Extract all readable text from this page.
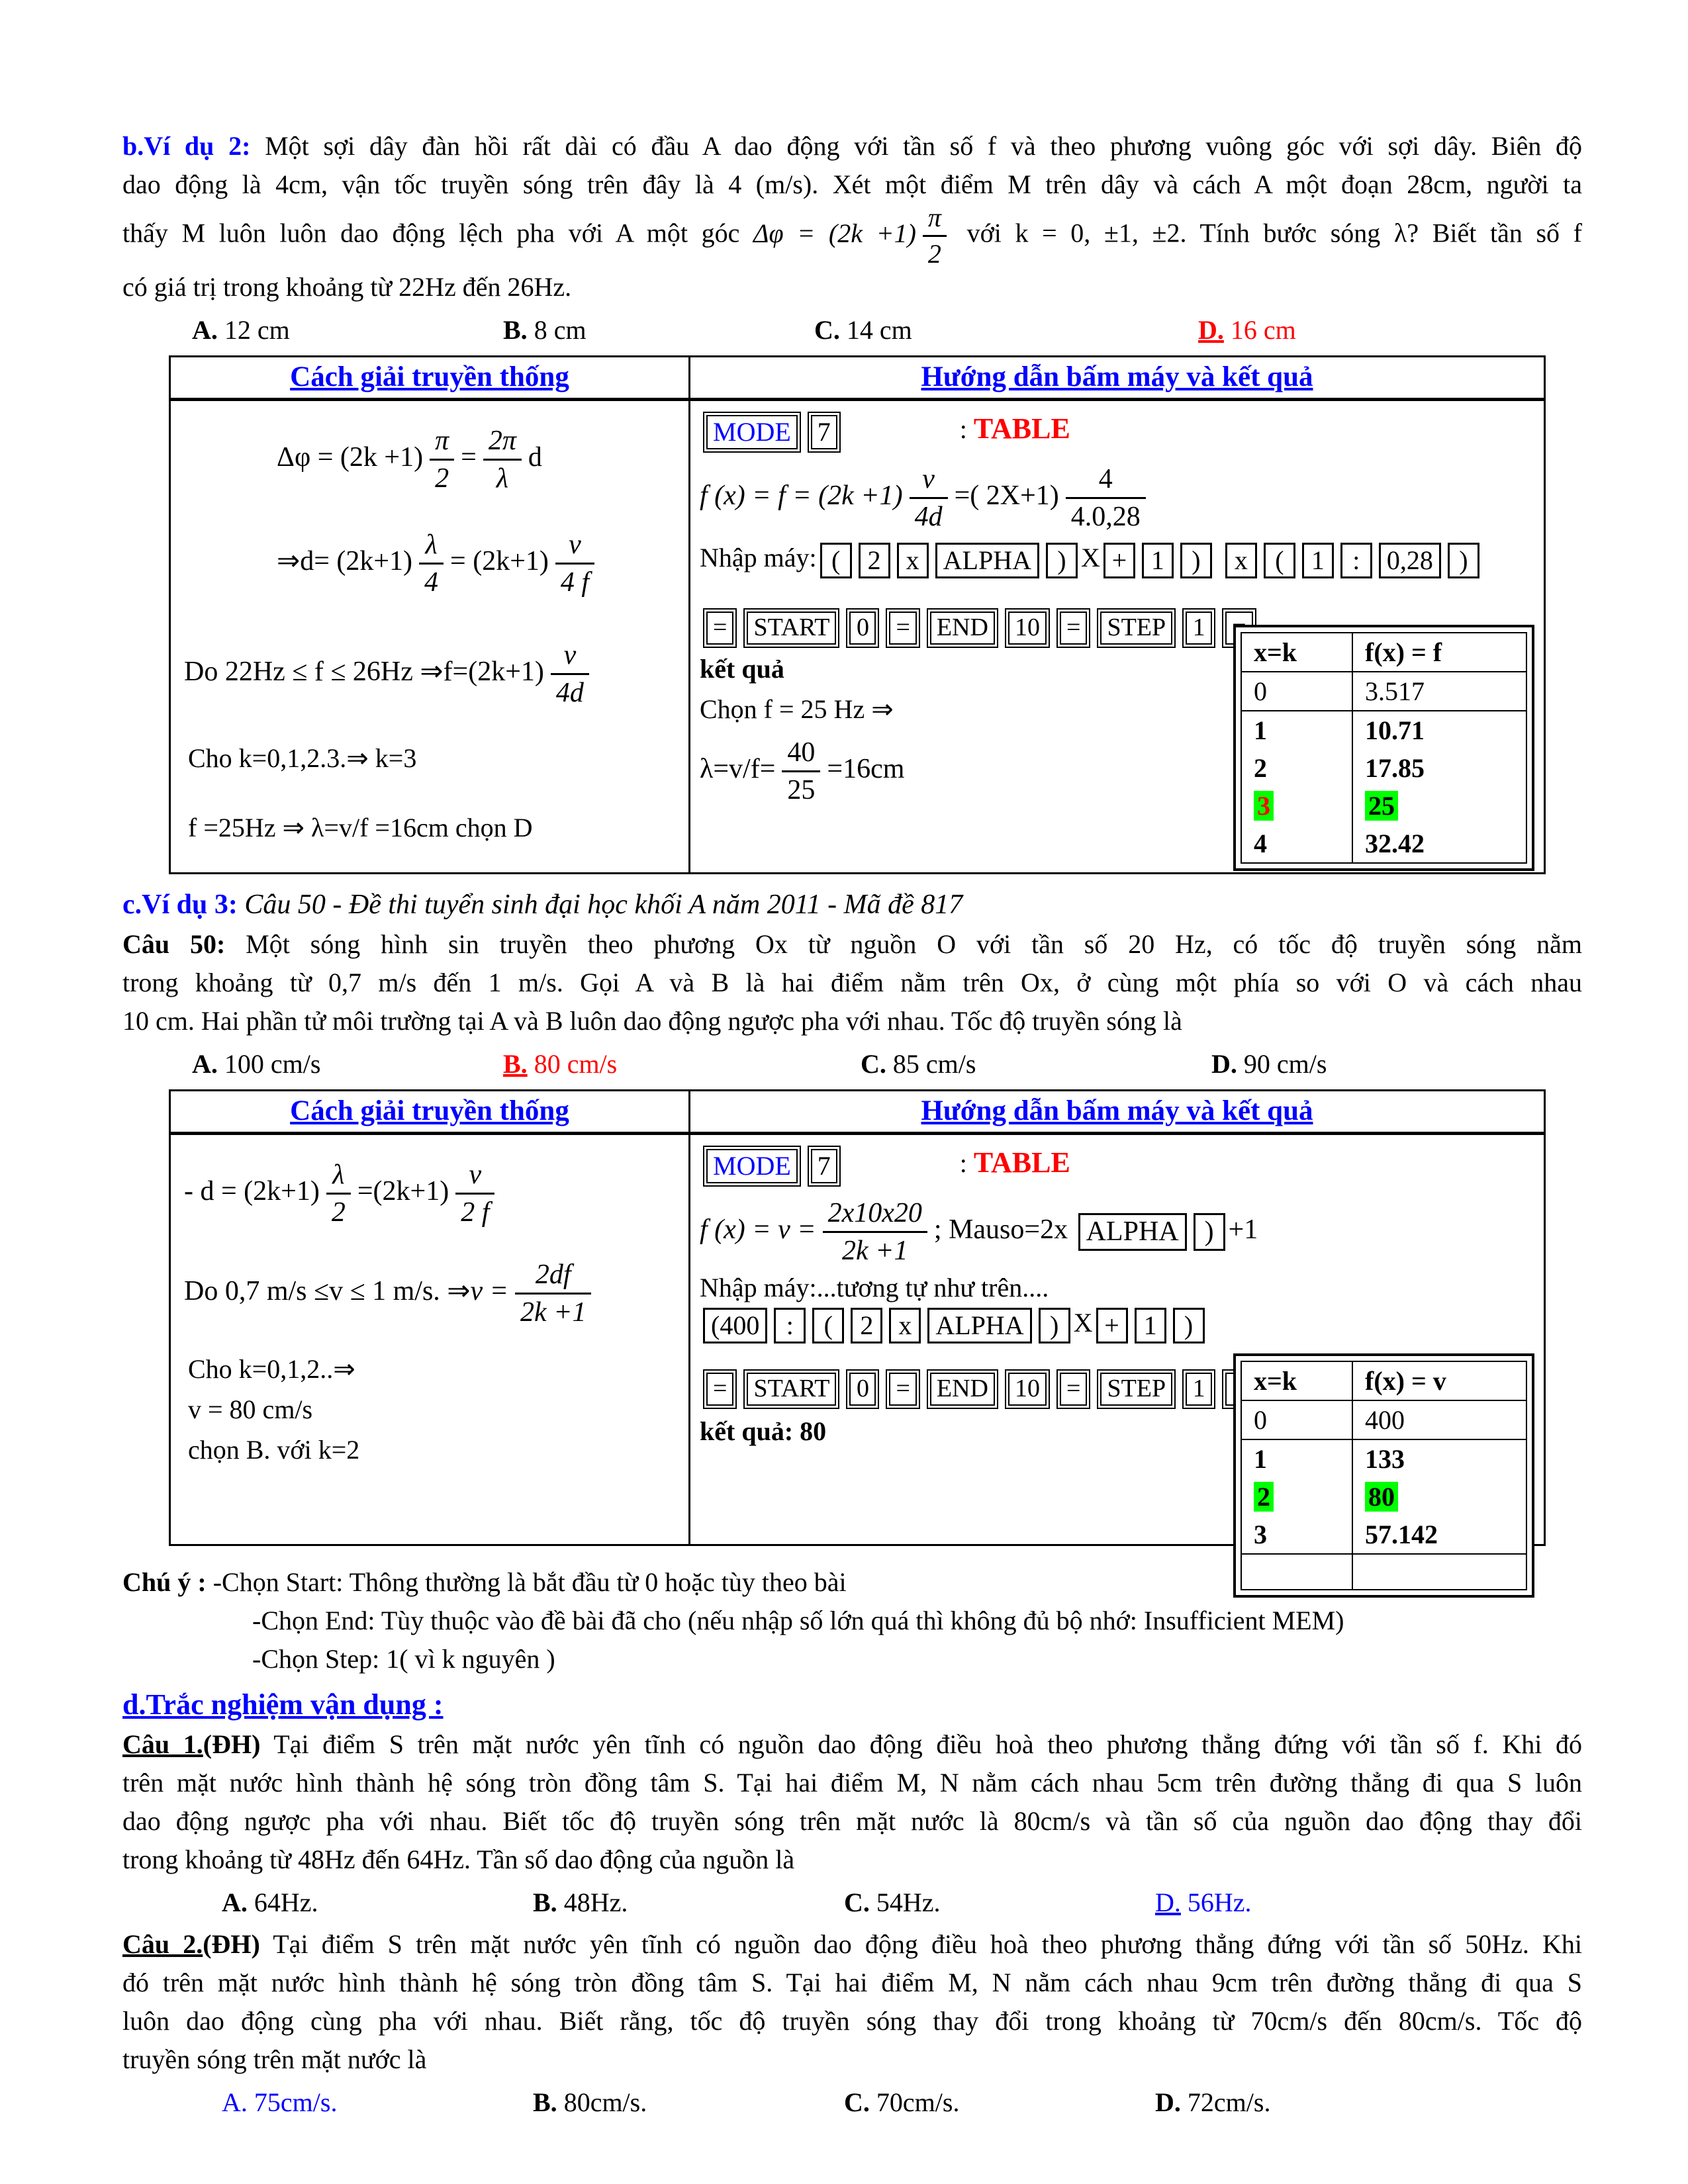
b.Ví dụ 2: Một sợi dây đàn hồi rất dài có đầu A dao động với tần số f và theo phương vuông góc với sợi dây. Biên độ
dao động là 4cm, vận tốc truyền sóng trên đây là 4 (m/s). Xét một điểm M trên dây và cách A một đoạn 28cm, người ta
thấy M luôn luôn dao động lệch pha với A một góc $\Delta\varphi = (2k +1) \frac{\pi}{2}$ với k = 0, ±1, ±2. Tính bước sóng λ? Biết tần số f
có giá trị trong khoảng từ 22Hz đến 26Hz.
A. 12 cm	B. 8 cm	C. 14 cm	D. 16 cm
Cách giải truyền thống	Hướng dẫn bấm máy và kết quả
$\Delta\varphi = (2k +1) \frac{\pi}{2} = \frac{2\pi}{\lambda}$ d
⇒d= $(2k+1) \frac{\lambda}{4} = (2k+1) \frac{v}{4 f}$
Do 22Hz ≤ f ≤ 26Hz ⇒f=(2k+1) $\frac{v}{4d}$
Cho k=0,1,2.3.⇒ k=3
f =25Hz ⇒ λ=v/f =16cm chọn D
MODE 7	: TABLE
f $(x) = f = (2k +1) \frac{v}{4d}$ =( $2X+1) \frac{4}{4.0,28}$
Nhập máy: ( 2 x ALPHA ) X + 1 ) x ( 1 : 0,28 )
= START 0 = END 10 = STEP 1
kết quả
Chọn f = 25 Hz ⇒
$\lambda=v/f= \frac{40}{25} =16cm$
x=k	f(x) = f
0	3.517
1	10.71
2	17.85
3	25
4	32.42
c.Ví dụ 3: Câu 50 - Đề thi tuyển sinh đại học khối A năm 2011 - Mã đề 817
Câu 50: Một sóng hình sin truyền theo phương Ox từ nguồn O với tần số 20 Hz, có tốc độ truyền sóng nằm
trong khoảng từ 0,7 m/s đến 1 m/s. Gọi A và B là hai điểm nằm trên Ox, ở cùng một phía so với O và cách nhau
10 cm. Hai phần tử môi trường tại A và B luôn dao động ngược pha với nhau. Tốc độ truyền sóng là
A. 100 cm/s	B. 80 cm/s	C. 85 cm/s	D. 90 cm/s
Cách giải truyền thống	Hướng dẫn bấm máy và kết quả
- $d = (2k+1) \frac{\lambda}{2} =(2k+1) \frac{v}{2 f}$
Do 0,7 m/s ≤v ≤ 1 m/s. ⇒v = $\frac{2df}{2k +1}$
Cho k=0,1,2..⇒
v = 80 cm/s
chọn B. với k=2
MODE 7	: TABLE
f $(x) = v = \frac{2x10x20}{2k +1}$ ; Mauso=2x ALPHA ) +1
Nhập máy:...tương tự như trên....
(400 : ( 2 x ALPHA ) X + 1 )
= START 0 = END 10 = STEP 1
kết quả: 80
x=k	f(x) = v
0	400
1	133
2	80
3	57.142

Chú ý : -Chọn Start: Thông thường là bắt đầu từ 0 hoặc tùy theo bài
-Chọn End: Tùy thuộc vào đề bài đã cho (nếu nhập số lớn quá thì không đủ bộ nhớ: Insufficient MEM)
-Chọn Step: 1( vì k nguyên )
d.Trắc nghiệm vận dụng :
Câu 1.(ĐH) Tại điểm S trên mặt nước yên tĩnh có nguồn dao động điều hoà theo phương thẳng đứng với tần số f. Khi đó
trên mặt nước hình thành hệ sóng tròn đồng tâm S. Tại hai điểm M, N nằm cách nhau 5cm trên đường thẳng đi qua S luôn
dao động ngược pha với nhau. Biết tốc độ truyền sóng trên mặt nước là 80cm/s và tần số của nguồn dao động thay đổi
trong khoảng từ 48Hz đến 64Hz. Tần số dao động của nguồn là
A. 64Hz.	B. 48Hz.	C. 54Hz.	D. 56Hz.
Câu 2.(ĐH) Tại điểm S trên mặt nước yên tĩnh có nguồn dao động điều hoà theo phương thẳng đứng với tần số 50Hz. Khi
đó trên mặt nước hình thành hệ sóng tròn đồng tâm S. Tại hai điểm M, N nằm cách nhau 9cm trên đường thẳng đi qua S
luôn dao động cùng pha với nhau. Biết rằng, tốc độ truyền sóng thay đổi trong khoảng từ 70cm/s đến 80cm/s. Tốc độ
truyền sóng trên mặt nước là
A. 75cm/s.	B. 80cm/s.	C. 70cm/s.	D. 72cm/s.
